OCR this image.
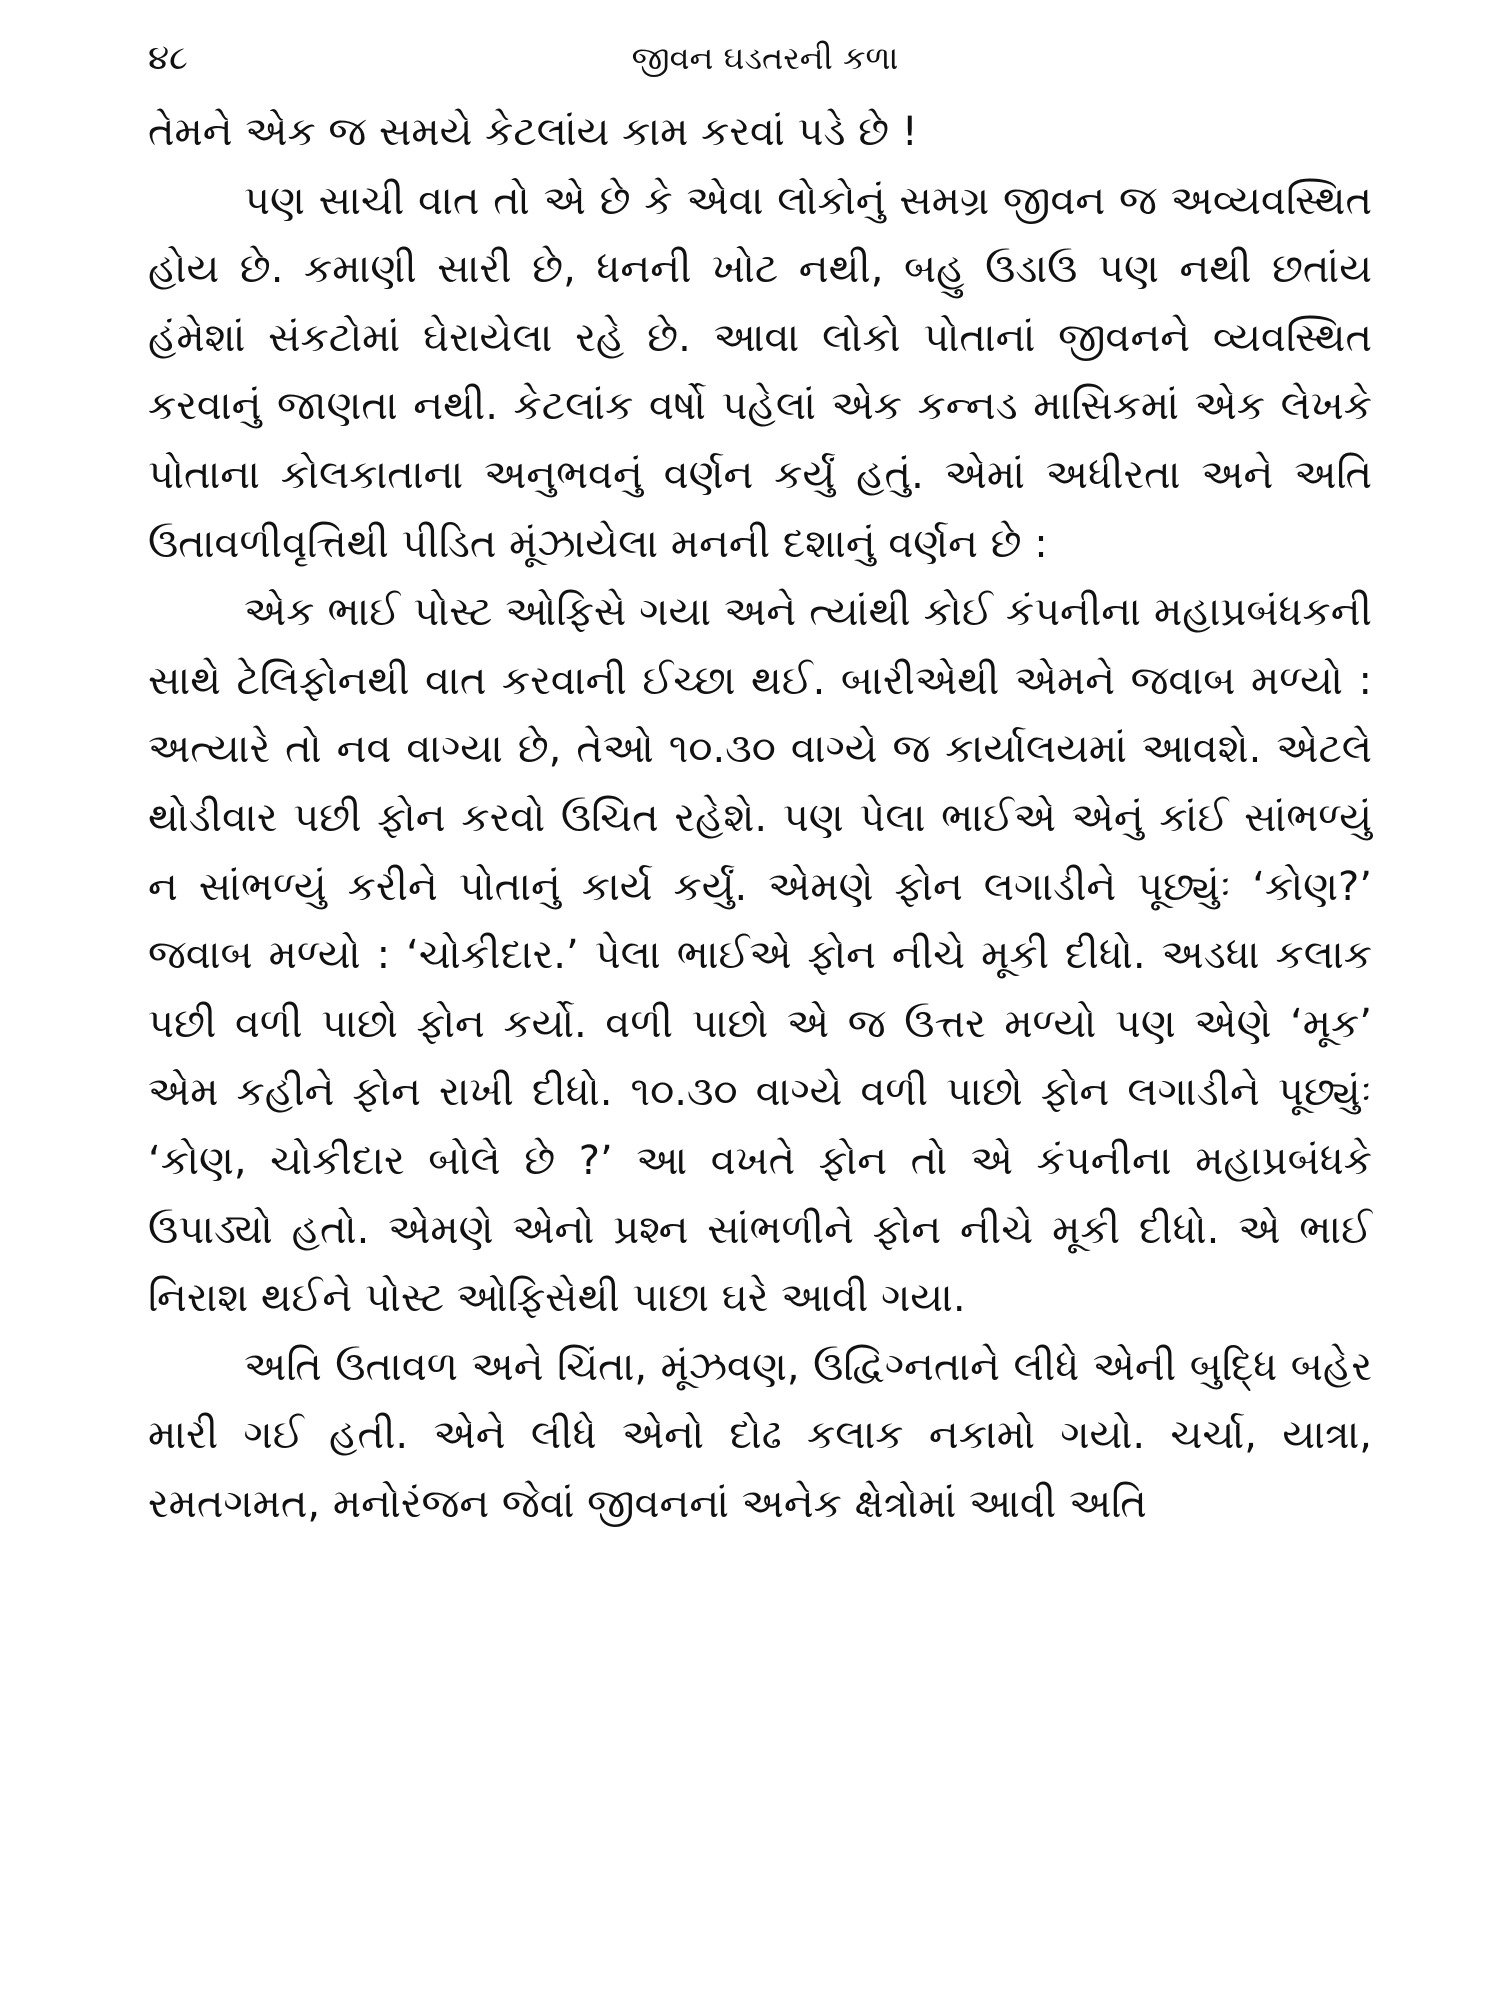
૪૮	જીવન ઘડતરની કળા

તેમને એક જ સમયે કેટલાંય કામ કરવાં પડે છે !

પણ સાચી વાત તો એ છે કે એવા લોકોનું સમગ્ર જીવન જ અવ્યવસ્થિત હોય છે. કમાણી સારી છે, ધનની ખોટ નથી, બહુ ઉડાઉ પણ નથી છતાંય હંમેશાં સંકટોમાં ઘેરાયેલા રહે છે. આવા લોકો પોતાનાં જીવનને વ્યવસ્થિત કરવાનું જાણતા નથી. કેટલાંક વર્ષો પહેલાં એક કન્નડ માસિકમાં એક લેખકે પોતાના કોલકાતાના અનુભવનું વર્ણન કર્યું હતું. એમાં અધીરતા અને અતિ ઉતાવળીવૃત્તિથી પીડિત મૂંઝાયેલા મનની દશાનું વર્ણન છે :

એક ભાઈ પોસ્ટ ઓફિસે ગયા અને ત્યાંથી કોઈ કંપનીના મહાપ્રબંધકની સાથે ટેલિફોનથી વાત કરવાની ઈચ્છા થઈ. બારીએથી એમને જવાબ મળ્યો : અત્યારે તો નવ વાગ્યા છે, તેઓ ૧૦.૩૦ વાગ્યે જ કાર્યાલયમાં આવશે. એટલે થોડીવાર પછી ફોન કરવો ઉચિત રહેશે. પણ પેલા ભાઈએ એનું કાંઈ સાંભળ્યું ન સાંભળ્યું કરીને પોતાનું કાર્ય કર્યું. એમણે ફોન લગાડીને પૂછ્યુંઃ ‘કોણ?’ જવાબ મળ્યો : ‘ચોકીદાર.’ પેલા ભાઈએ ફોન નીચે મૂકી દીધો. અડધા કલાક પછી વળી પાછો ફોન કર્યો. વળી પાછો એ જ ઉત્તર મળ્યો પણ એણે ‘મૂક’ એમ કહીને ફોન રાખી દીધો. ૧૦.૩૦ વાગ્યે વળી પાછો ફોન લગાડીને પૂછ્યુંઃ ‘કોણ, ચોકીદાર બોલે છે ?’ આ વખતે ફોન તો એ કંપનીના મહાપ્રબંધકે ઉપાડ્યો હતો. એમણે એનો પ્રશ્ન સાંભળીને ફોન નીચે મૂકી દીધો. એ ભાઈ નિરાશ થઈને પોસ્ટ ઓફિસેથી પાછા ઘરે આવી ગયા.

અતિ ઉતાવળ અને ચિંતા, મૂંઝવણ, ઉદ્વિગ્નતાને લીધે એની બુદ્ધિ બહેર મારી ગઈ હતી. એને લીધે એનો દોઢ કલાક નકામો ગયો. ચર્ચા, યાત્રા, રમતગમત, મનોરંજન જેવાં જીવનનાં અનેક ક્ષેત્રોમાં આવી અતિ
